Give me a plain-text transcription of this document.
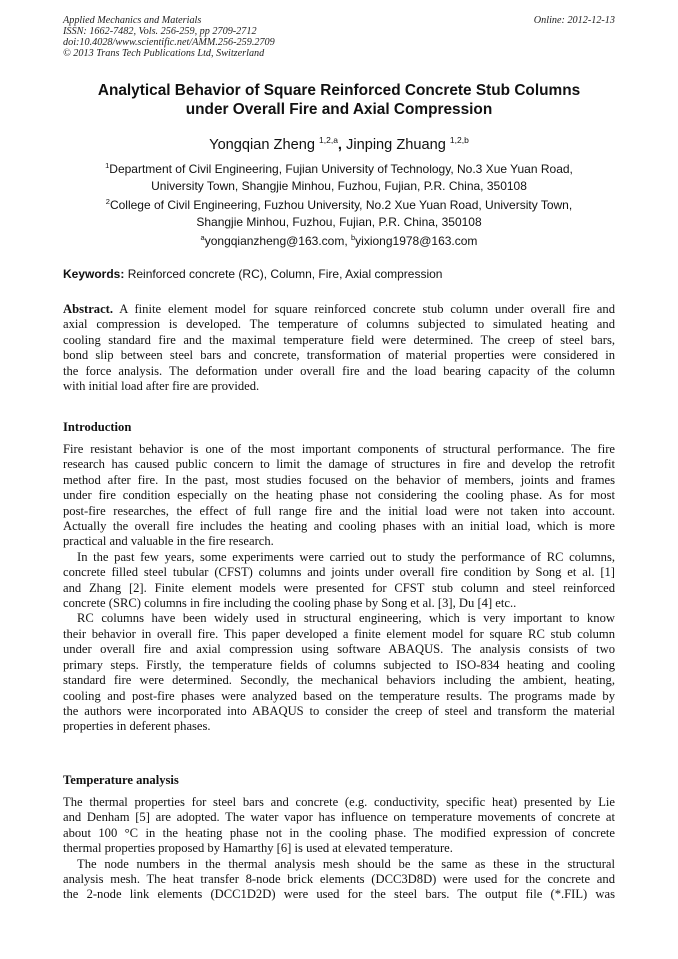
Applied Mechanics and Materials	Online: 2012-12-13
ISSN: 1662-7482, Vols. 256-259, pp 2709-2712
doi:10.4028/www.scientific.net/AMM.256-259.2709
© 2013 Trans Tech Publications Ltd, Switzerland
Analytical Behavior of Square Reinforced Concrete Stub Columns
under Overall Fire and Axial Compression
Yongqian Zheng $^{1,2,a}$, Jinping Zhuang $^{1,2,b}$
$^1$Department of Civil Engineering, Fujian University of Technology, No.3 Xue Yuan Road,
University Town, Shangjie Minhou, Fuzhou, Fujian, P.R. China, 350108
$^2$College of Civil Engineering, Fuzhou University, No.2 Xue Yuan Road, University Town,
Shangjie Minhou, Fuzhou, Fujian, P.R. China, 350108
$^a$yongqianzheng@163.com, $^b$yixiong1978@163.com
Keywords: Reinforced concrete (RC), Column, Fire, Axial compression
Abstract. A finite element model for square reinforced concrete stub column under overall fire and
axial compression is developed. The temperature of columns subjected to simulated heating and
cooling standard fire and the maximal temperature field were determined. The creep of steel bars,
bond slip between steel bars and concrete, transformation of material properties were considered in
the force analysis. The deformation under overall fire and the load bearing capacity of the column
with initial load after fire are provided.
Introduction
Fire resistant behavior is one of the most important components of structural performance. The fire
research has caused public concern to limit the damage of structures in fire and develop the retrofit
method after fire. In the past, most studies focused on the behavior of members, joints and frames
under fire condition especially on the heating phase not considering the cooling phase. As for most
post-fire researches, the effect of full range fire and the initial load were not taken into account.
Actually the overall fire includes the heating and cooling phases with an initial load, which is more
practical and valuable in the fire research.
In the past few years, some experiments were carried out to study the performance of RC columns,
concrete filled steel tubular (CFST) columns and joints under overall fire condition by Song et al. [1]
and Zhang [2]. Finite element models were presented for CFST stub column and steel reinforced
concrete (SRC) columns in fire including the cooling phase by Song et al. [3], Du [4] etc..
RC columns have been widely used in structural engineering, which is very important to know
their behavior in overall fire. This paper developed a finite element model for square RC stub column
under overall fire and axial compression using software ABAQUS. The analysis consists of two
primary steps. Firstly, the temperature fields of columns subjected to ISO-834 heating and cooling
standard fire were determined. Secondly, the mechanical behaviors including the ambient, heating,
cooling and post-fire phases were analyzed based on the temperature results. The programs made by
the authors were incorporated into ABAQUS to consider the creep of steel and transform the material
properties in deferent phases.
Temperature analysis
The thermal properties for steel bars and concrete (e.g. conductivity, specific heat) presented by Lie
and Denham [5] are adopted. The water vapor has influence on temperature movements of concrete at
about 100 °C in the heating phase not in the cooling phase. The modified expression of concrete
thermal properties proposed by Hamarthy [6] is used at elevated temperature.
The node numbers in the thermal analysis mesh should be the same as these in the structural
analysis mesh. The heat transfer 8-node brick elements (DCC3D8D) were used for the concrete and
the 2-node link elements (DCC1D2D) were used for the steel bars. The output file (*.FIL) was
